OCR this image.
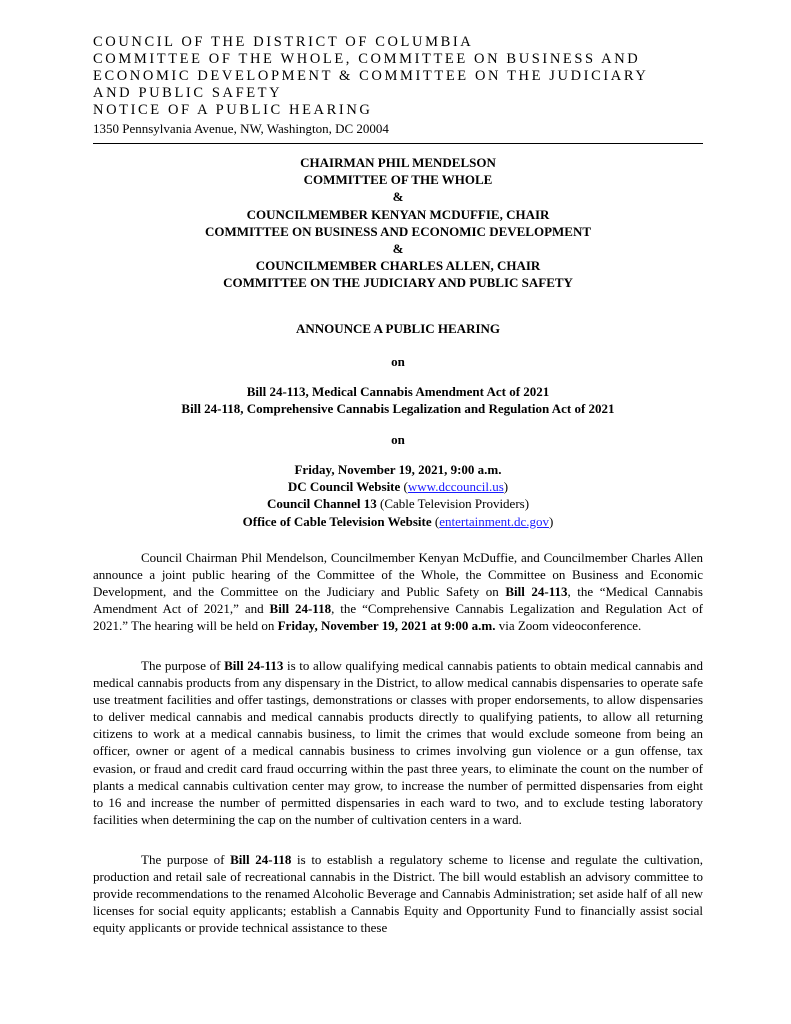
COUNCIL OF THE DISTRICT OF COLUMBIA
COMMITTEE OF THE WHOLE, COMMITTEE ON BUSINESS AND
ECONOMIC DEVELOPMENT & COMMITTEE ON THE JUDICIARY
AND PUBLIC SAFETY
NOTICE OF A PUBLIC HEARING
1350 Pennsylvania Avenue, NW, Washington, DC 20004
CHAIRMAN PHIL MENDELSON
COMMITTEE OF THE WHOLE
&
COUNCILMEMBER KENYAN MCDUFFIE, CHAIR
COMMITTEE ON BUSINESS AND ECONOMIC DEVELOPMENT
&
COUNCILMEMBER CHARLES ALLEN, CHAIR
COMMITTEE ON THE JUDICIARY AND PUBLIC SAFETY
ANNOUNCE A PUBLIC HEARING
on
Bill 24-113, Medical Cannabis Amendment Act of 2021
Bill 24-118, Comprehensive Cannabis Legalization and Regulation Act of 2021
on
Friday, November 19, 2021, 9:00 a.m.
DC Council Website (www.dccouncil.us)
Council Channel 13 (Cable Television Providers)
Office of Cable Television Website (entertainment.dc.gov)
Council Chairman Phil Mendelson, Councilmember Kenyan McDuffie, and Councilmember Charles Allen announce a joint public hearing of the Committee of the Whole, the Committee on Business and Economic Development, and the Committee on the Judiciary and Public Safety on Bill 24-113, the “Medical Cannabis Amendment Act of 2021,” and Bill 24-118, the “Comprehensive Cannabis Legalization and Regulation Act of 2021.” The hearing will be held on Friday, November 19, 2021 at 9:00 a.m. via Zoom videoconference.
The purpose of Bill 24-113 is to allow qualifying medical cannabis patients to obtain medical cannabis and medical cannabis products from any dispensary in the District, to allow medical cannabis dispensaries to operate safe use treatment facilities and offer tastings, demonstrations or classes with proper endorsements, to allow dispensaries to deliver medical cannabis and medical cannabis products directly to qualifying patients, to allow all returning citizens to work at a medical cannabis business, to limit the crimes that would exclude someone from being an officer, owner or agent of a medical cannabis business to crimes involving gun violence or a gun offense, tax evasion, or fraud and credit card fraud occurring within the past three years, to eliminate the count on the number of plants a medical cannabis cultivation center may grow, to increase the number of permitted dispensaries from eight to 16 and increase the number of permitted dispensaries in each ward to two, and to exclude testing laboratory facilities when determining the cap on the number of cultivation centers in a ward.
The purpose of Bill 24-118 is to establish a regulatory scheme to license and regulate the cultivation, production and retail sale of recreational cannabis in the District. The bill would establish an advisory committee to provide recommendations to the renamed Alcoholic Beverage and Cannabis Administration; set aside half of all new licenses for social equity applicants; establish a Cannabis Equity and Opportunity Fund to financially assist social equity applicants or provide technical assistance to these
